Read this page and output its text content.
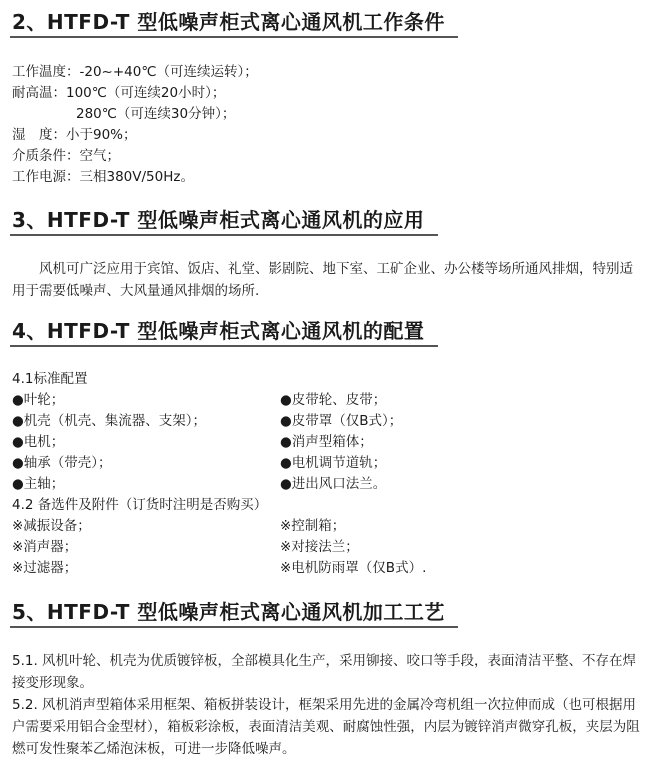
2、HTFD-T 型低噪声柜式离心通风机工作条件

工作温度：-20~+40℃（可连续运转）；

耐高温：100℃（可连续20小时）；

280℃（可连续30分钟）；

湿　度：小于90%；

介质条件：空气；

工作电源：三相380V/50Hz。

3、HTFD-T 型低噪声柜式离心通风机的应用

　　风机可广泛应用于宾馆、饭店、礼堂、影剧院、地下室、工矿企业、办公楼等场所通风排烟，特别适用于需要低噪声、大风量通风排烟的场所.

4、HTFD-T 型低噪声柜式离心通风机的配置

4.1标准配置

●叶轮；

●机壳（机壳、集流器、支架）；

●电机；

●轴承（带壳）；

●主轴；

●皮带轮、皮带；

●皮带罩（仅B式）；

●消声型箱体；

●电机调节道轨；

●进出风口法兰。

4.2 备选件及附件（订货时注明是否购买）

※减振设备；

※消声器；

※过滤器；

※控制箱；

※对接法兰；

※电机防雨罩（仅B式）.

5、HTFD-T 型低噪声柜式离心通风机加工工艺

5.1. 风机叶轮、机壳为优质镀锌板，全部模具化生产，采用铆接、咬口等手段，表面清洁平整、不存在焊接变形现象。

5.2. 风机消声型箱体采用框架、箱板拼装设计，框架采用先进的金属冷弯机组一次拉伸而成（也可根据用户需要采用铝合金型材），箱板彩涂板，表面清洁美观、耐腐蚀性强，内层为镀锌消声微穿孔板，夹层为阻燃可发性聚苯乙烯泡沫板，可进一步降低噪声。
